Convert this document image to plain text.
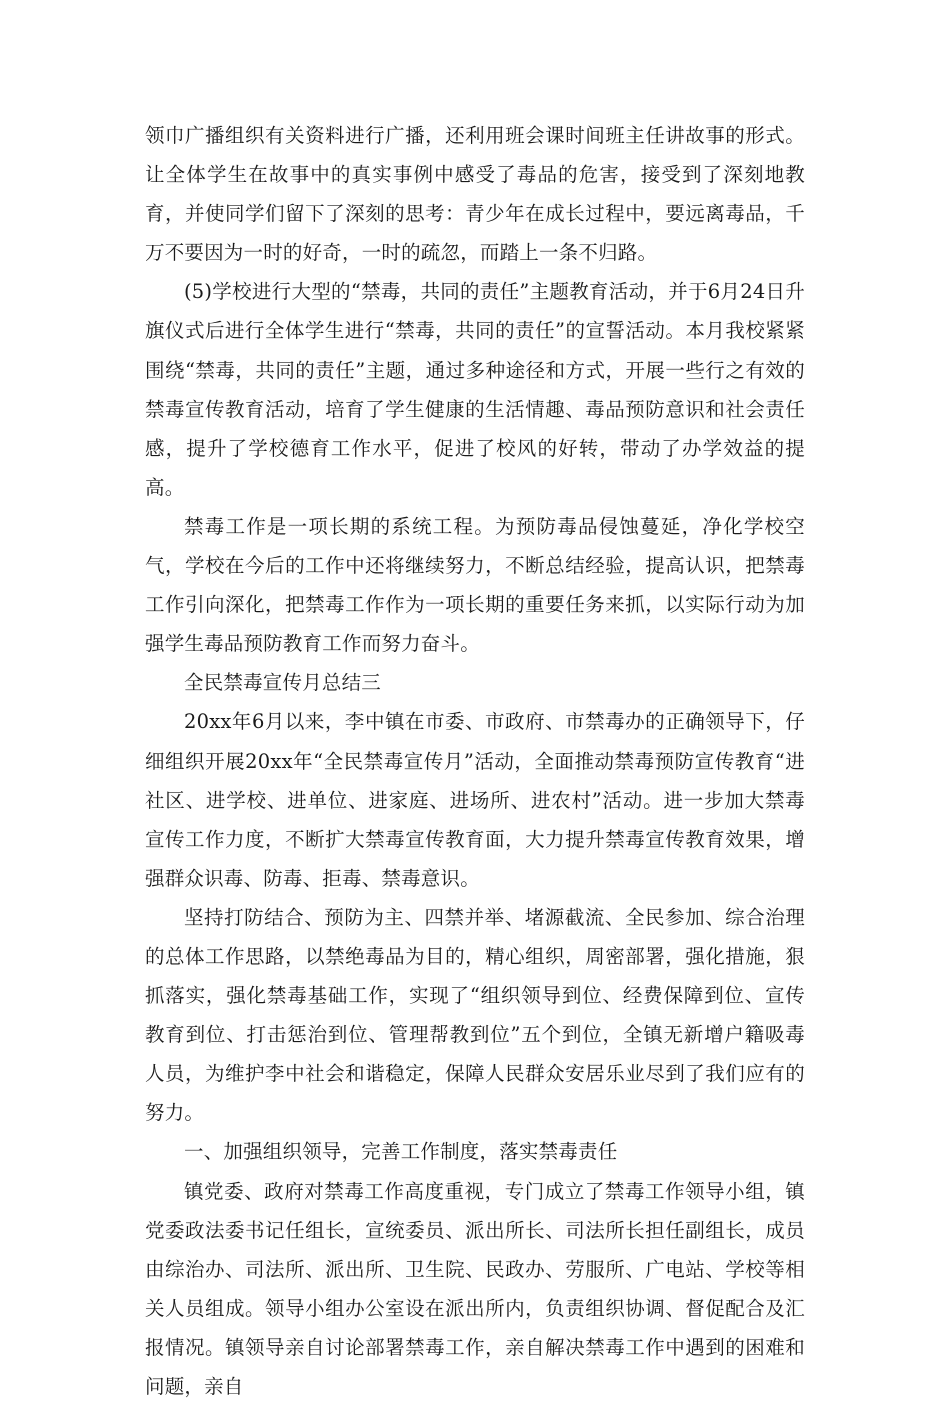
领巾广播组织有关资料进行广播，还利用班会课时间班主任讲故事的形式。让全体学生在故事中的真实事例中感受了毒品的危害，接受到了深刻地教育，并使同学们留下了深刻的思考：青少年在成长过程中，要远离毒品，千万不要因为一时的好奇，一时的疏忽，而踏上一条不归路。

(5)学校进行大型的“禁毒，共同的责任”主题教育活动，并于6月24日升旗仪式后进行全体学生进行“禁毒，共同的责任”的宣誓活动。本月我校紧紧围绕“禁毒，共同的责任”主题，通过多种途径和方式，开展一些行之有效的禁毒宣传教育活动，培育了学生健康的生活情趣、毒品预防意识和社会责任感，提升了学校德育工作水平，促进了校风的好转，带动了办学效益的提高。

禁毒工作是一项长期的系统工程。为预防毒品侵蚀蔓延，净化学校空气，学校在今后的工作中还将继续努力，不断总结经验，提高认识，把禁毒工作引向深化，把禁毒工作作为一项长期的重要任务来抓，以实际行动为加强学生毒品预防教育工作而努力奋斗。

全民禁毒宣传月总结三

20xx年6月以来，李中镇在市委、市政府、市禁毒办的正确领导下，仔细组织开展20xx年“全民禁毒宣传月”活动，全面推动禁毒预防宣传教育“进社区、进学校、进单位、进家庭、进场所、进农村”活动。进一步加大禁毒宣传工作力度，不断扩大禁毒宣传教育面，大力提升禁毒宣传教育效果，增强群众识毒、防毒、拒毒、禁毒意识。

坚持打防结合、预防为主、四禁并举、堵源截流、全民参加、综合治理的总体工作思路，以禁绝毒品为目的，精心组织，周密部署，强化措施，狠抓落实，强化禁毒基础工作，实现了“组织领导到位、经费保障到位、宣传教育到位、打击惩治到位、管理帮教到位”五个到位，全镇无新增户籍吸毒人员，为维护李中社会和谐稳定，保障人民群众安居乐业尽到了我们应有的努力。

一、加强组织领导，完善工作制度，落实禁毒责任

镇党委、政府对禁毒工作高度重视，专门成立了禁毒工作领导小组，镇党委政法委书记任组长，宣统委员、派出所长、司法所长担任副组长，成员由综治办、司法所、派出所、卫生院、民政办、劳服所、广电站、学校等相关人员组成。领导小组办公室设在派出所内，负责组织协调、督促配合及汇报情况。镇领导亲自讨论部署禁毒工作，亲自解决禁毒工作中遇到的困难和问题，亲自
